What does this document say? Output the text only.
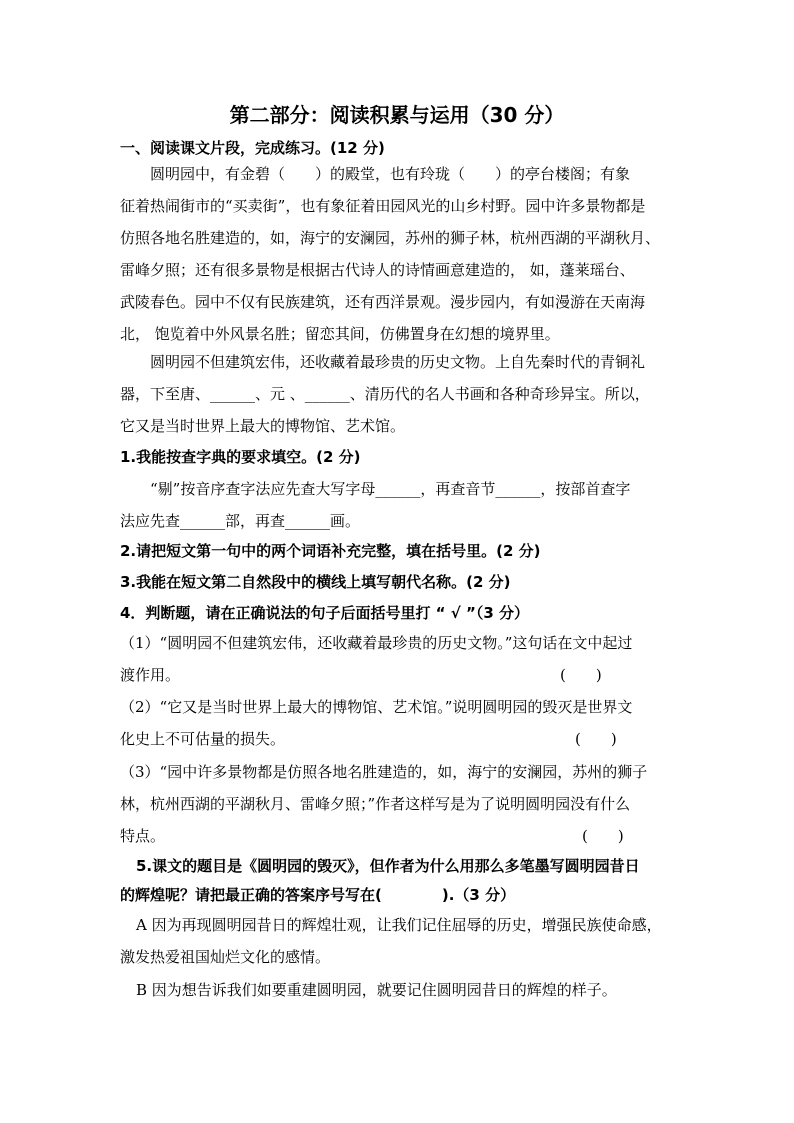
第二部分：阅读积累与运用（30 分）
一、阅读课文片段，完成练习。(12 分)
圆明园中，有金碧（　　）的殿堂，也有玲珑（　　）的亭台楼阁；有象
征着热闹街市的“买卖街”，也有象征着田园风光的山乡村野。园中许多景物都是
仿照各地名胜建造的，如，海宁的安澜园，苏州的狮子林，杭州西湖的平湖秋月、
雷峰夕照；还有很多景物是根据古代诗人的诗情画意建造的， 如，蓬莱瑶台、
武陵春色。园中不仅有民族建筑，还有西洋景观。漫步园内，有如漫游在天南海
北， 饱览着中外风景名胜；留恋其间，仿佛置身在幻想的境界里。
圆明园不但建筑宏伟，还收藏着最珍贵的历史文物。上自先秦时代的青铜礼
器，下至唐、______、元 、______、清历代的名人书画和各种奇珍异宝。所以，
它又是当时世界上最大的博物馆、艺术馆。
1.我能按查字典的要求填空。(2 分)
“剔”按音序查字法应先查大写字母______，再查音节______，按部首查字
法应先查______部，再查______画。
2.请把短文第一句中的两个词语补充完整，填在括号里。(2 分)
3.我能在短文第二自然段中的横线上填写朝代名称。(2 分)
4．判断题，请在正确说法的句子后面括号里打 “ √ ”（3 分）
（1）“圆明园不但建筑宏伟，还收藏着最珍贵的历史文物。”这句话在文中起过
渡作用。	(　　)
（2）“它又是当时世界上最大的博物馆、艺术馆。”说明圆明园的毁灭是世界文
化史上不可估量的损失。	(　　)
（3）“园中许多景物都是仿照各地名胜建造的，如，海宁的安澜园，苏州的狮子
林，杭州西湖的平湖秋月、雷峰夕照；”作者这样写是为了说明圆明园没有什么
特点。	(　　)
5.课文的题目是《圆明园的毁灭》，但作者为什么用那么多笔墨写圆明园昔日
的辉煌呢？请把最正确的答案序号写在(　　　　).（3 分）
A 因为再现圆明园昔日的辉煌壮观，让我们记住屈辱的历史，增强民族使命感，
激发热爱祖国灿烂文化的感情。
B 因为想告诉我们如要重建圆明园，就要记住圆明园昔日的辉煌的样子。
